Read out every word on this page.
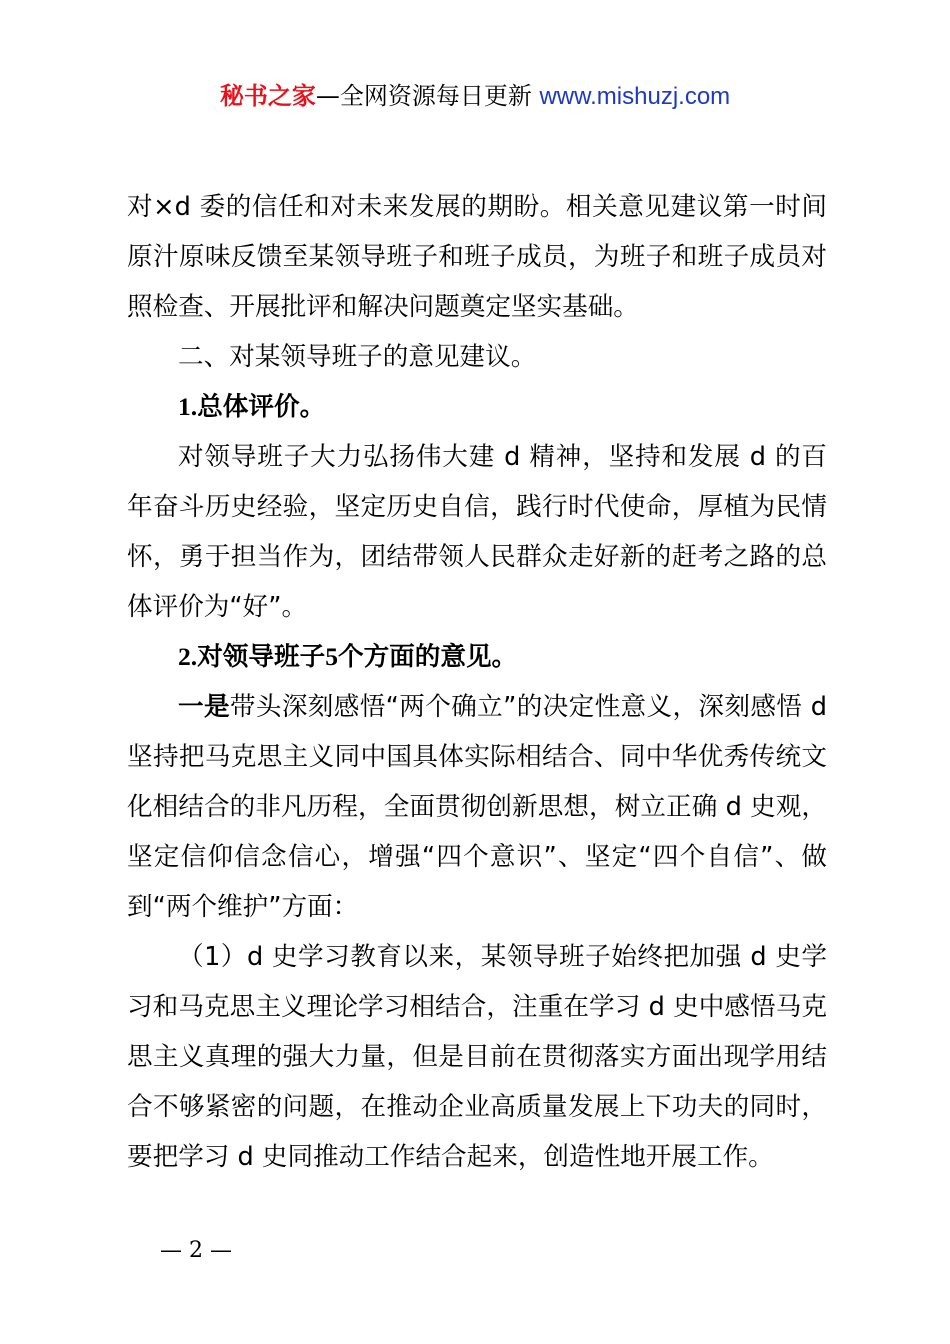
秘书之家—全网资源每日更新 www.mishuzj.com

对×d 委的信任和对未来发展的期盼。相关意见建议第一时间原汁原味反馈至某领导班子和班子成员，为班子和班子成员对照检查、开展批评和解决问题奠定坚实基础。

二、对某领导班子的意见建议。

1.总体评价。

对领导班子大力弘扬伟大建 d 精神，坚持和发展 d 的百年奋斗历史经验，坚定历史自信，践行时代使命，厚植为民情怀，勇于担当作为，团结带领人民群众走好新的赶考之路的总体评价为“好”。

2.对领导班子5个方面的意见。

一是带头深刻感悟“两个确立”的决定性意义，深刻感悟 d 坚持把马克思主义同中国具体实际相结合、同中华优秀传统文化相结合的非凡历程，全面贯彻创新思想，树立正确 d 史观，坚定信仰信念信心，增强“四个意识”、坚定“四个自信”、做到“两个维护”方面：

（1）d 史学习教育以来，某领导班子始终把加强 d 史学习和马克思主义理论学习相结合，注重在学习 d 史中感悟马克思主义真理的强大力量，但是目前在贯彻落实方面出现学用结合不够紧密的问题，在推动企业高质量发展上下功夫的同时，要把学习 d 史同推动工作结合起来，创造性地开展工作。

— 2 —
